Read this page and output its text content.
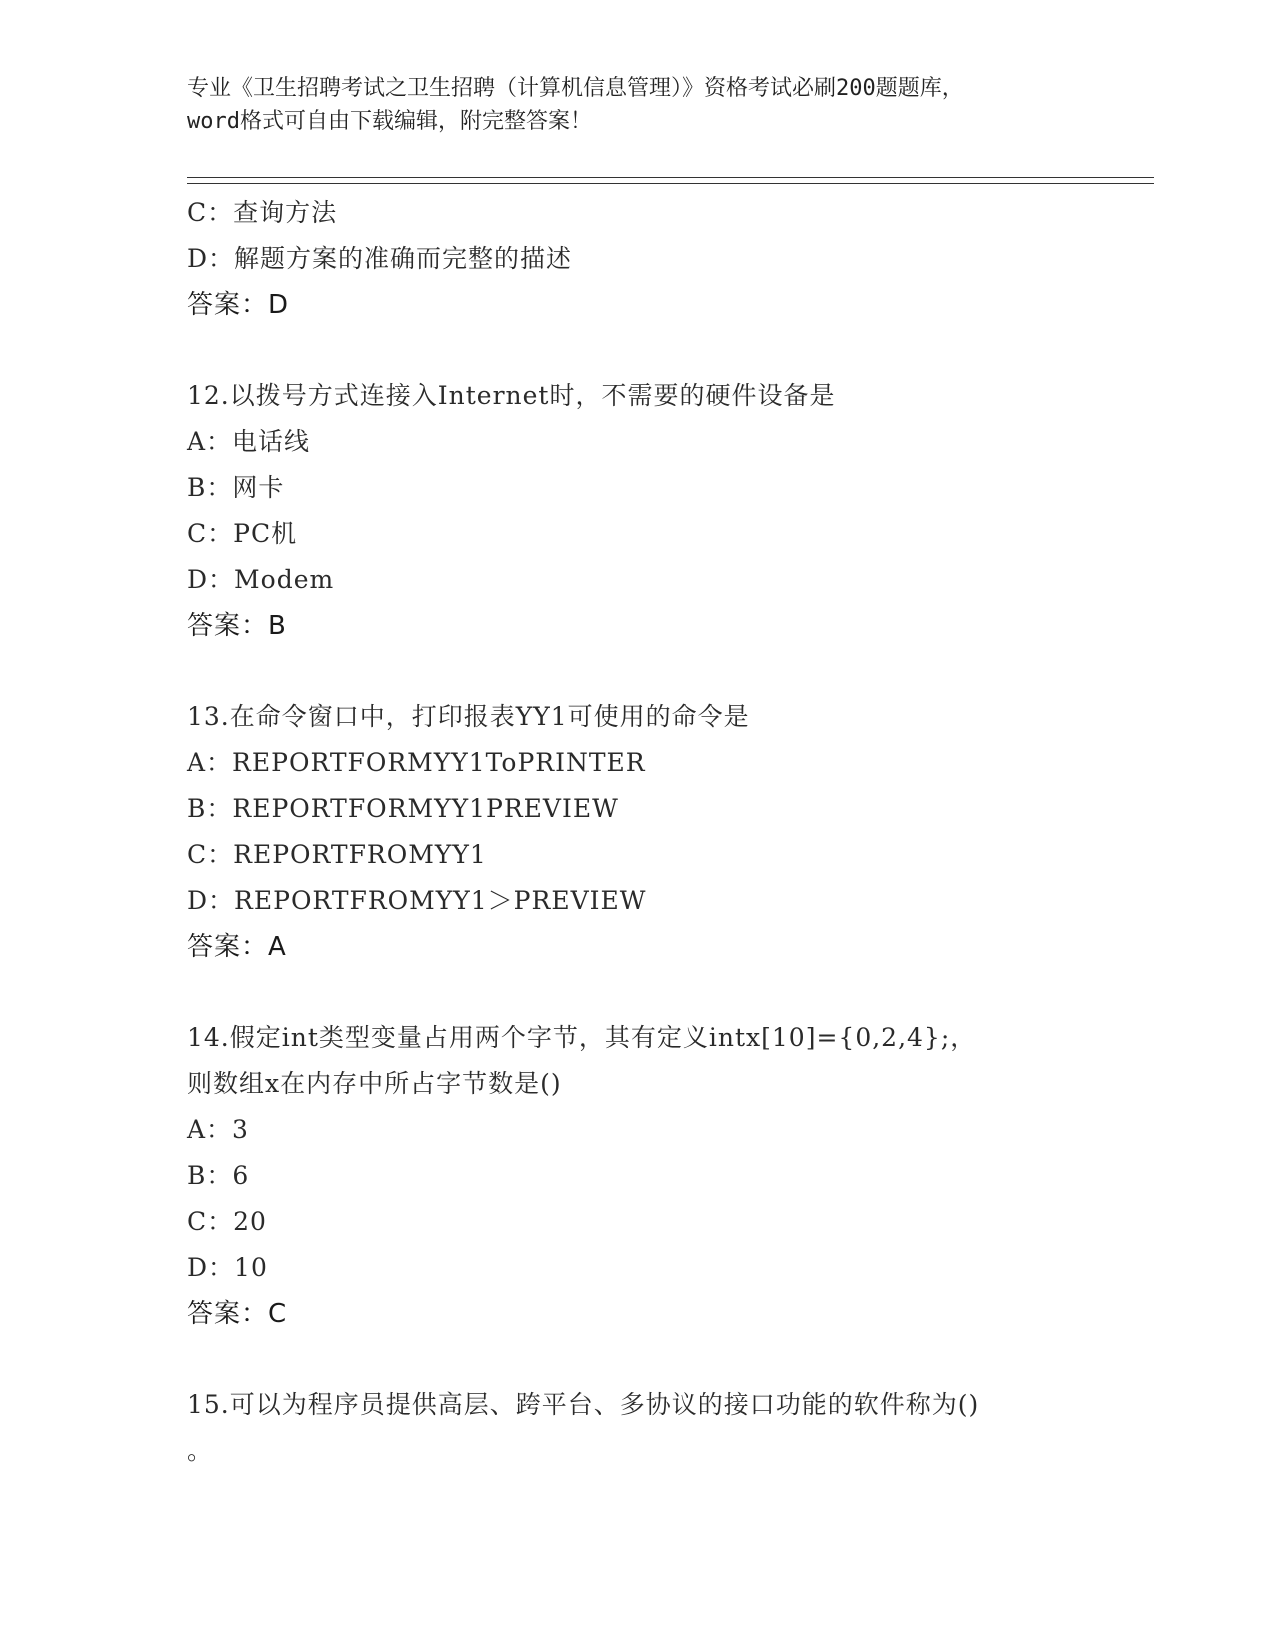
专业《卫生招聘考试之卫生招聘（计算机信息管理）》资格考试必刷200题题库，
word格式可自由下载编辑，附完整答案！
C：查询方法
D：解题方案的准确而完整的描述
答案：D
12.以拨号方式连接入Internet时，不需要的硬件设备是
A：电话线
B：网卡
C：PC机
D：Modem
答案：B
13.在命令窗口中，打印报表YY1可使用的命令是
A：REPORTFORMYY1ToPRINTER
B：REPORTFORMYY1PREVIEW
C：REPORTFROMYY1
D：REPORTFROMYY1＞PREVIEW
答案：A
14.假定int类型变量占用两个字节，其有定义intx[10]={0,2,4};，
则数组x在内存中所占字节数是()
A：3
B：6
C：20
D：10
答案：C
15.可以为程序员提供高层、跨平台、多协议的接口功能的软件称为()
。
